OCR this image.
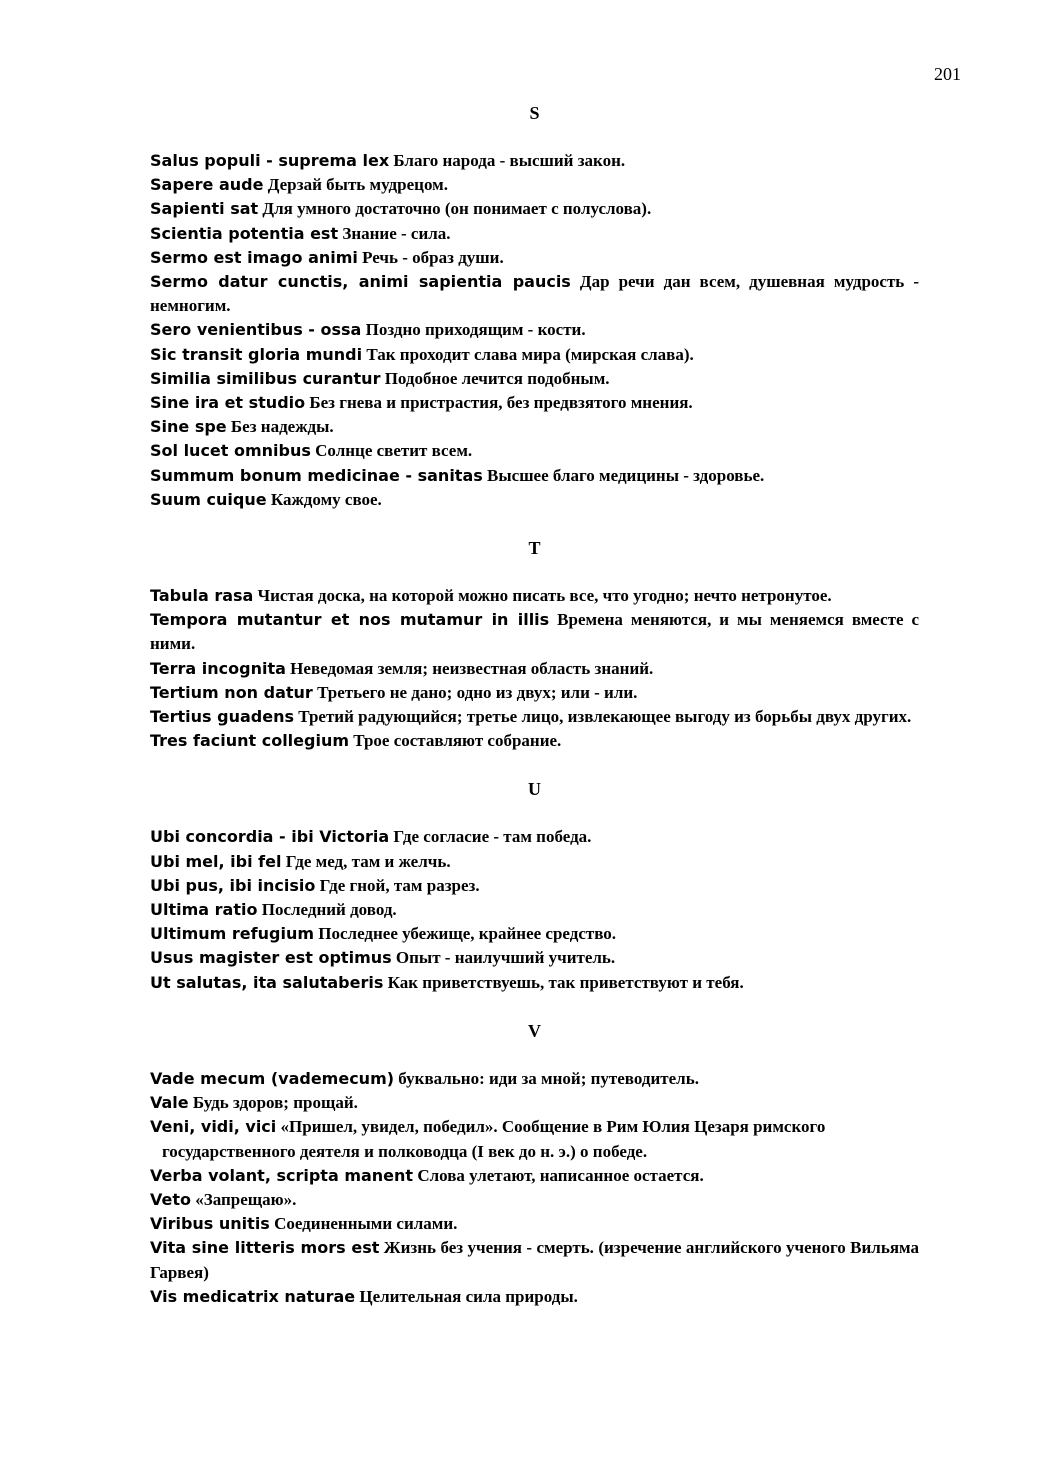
201
S

Salus populi - suprema lex Благо народа - высший закон.

Sapere aude Дерзай быть мудрецом.

Sapienti sat Для умного достаточно (он понимает с полуслова).

Scientia potentia est Знание - сила.

Sermo est imago animi Речь - образ души.

Sermo datur cunctis, animi sapientia paucis Дар речи дан всем, душевная мудрость - немногим.

Sero venientibus - ossa Поздно приходящим - кости.

Sic transit gloria mundi Так проходит слава мира (мирская слава).

Similia similibus curantur Подобное лечится подобным.

Sine ira et studio Без гнева и пристрастия, без предвзятого мнения.

Sine spe Без надежды.

Sol lucet omnibus Солнце светит всем.

Summum bonum medicinae - sanitas Высшее благо медицины - здоровье.

Suum cuique Каждому свое.

T

Tabula rasa Чистая доска, на которой можно писать все, что угодно; нечто нетронутое.

Tempora mutantur et nos mutamur in illis Времена меняются, и мы меняемся вместе с ними.

Terra incognita Неведомая земля; неизвестная область знаний.

Tertium non datur Третьего не дано; одно из двух; или - или.

Tertius guadens Третий радующийся; третье лицо, извлекающее выгоду из борьбы двух других.

Tres faciunt collegium Трое составляют собрание.

U

Ubi concordia - ibi Victoria Где согласие - там победа.

Ubi mel, ibi fel Где мед, там и желчь.

Ubi pus, ibi incisio Где гной, там разрез.

Ultima ratio Последний довод.

Ultimum refugium Последнее убежище, крайнее средство.

Usus magister est optimus Опыт - наилучший учитель.

Ut salutas, ita salutaberis Как приветствуешь, так приветствуют и тебя.

V

Vade mecum (vademecum) буквально: иди за мной; путеводитель.

Vale Будь здоров; прощай.

Veni, vidi, vici «Пришел, увидел, победил». Сообщение в Рим Юлия Цезаря римского государственного деятеля и полководца (I век до н. э.) о победе.

Verba volant, scripta manent Слова улетают, написанное остается.

Veto «Запрещаю».

Viribus unitis Соединенными силами.

Vita sine litteris mors est Жизнь без учения - смерть. (изречение английского ученого Вильяма Гарвея)

Vis medicatrix naturae Целительная сила природы.
